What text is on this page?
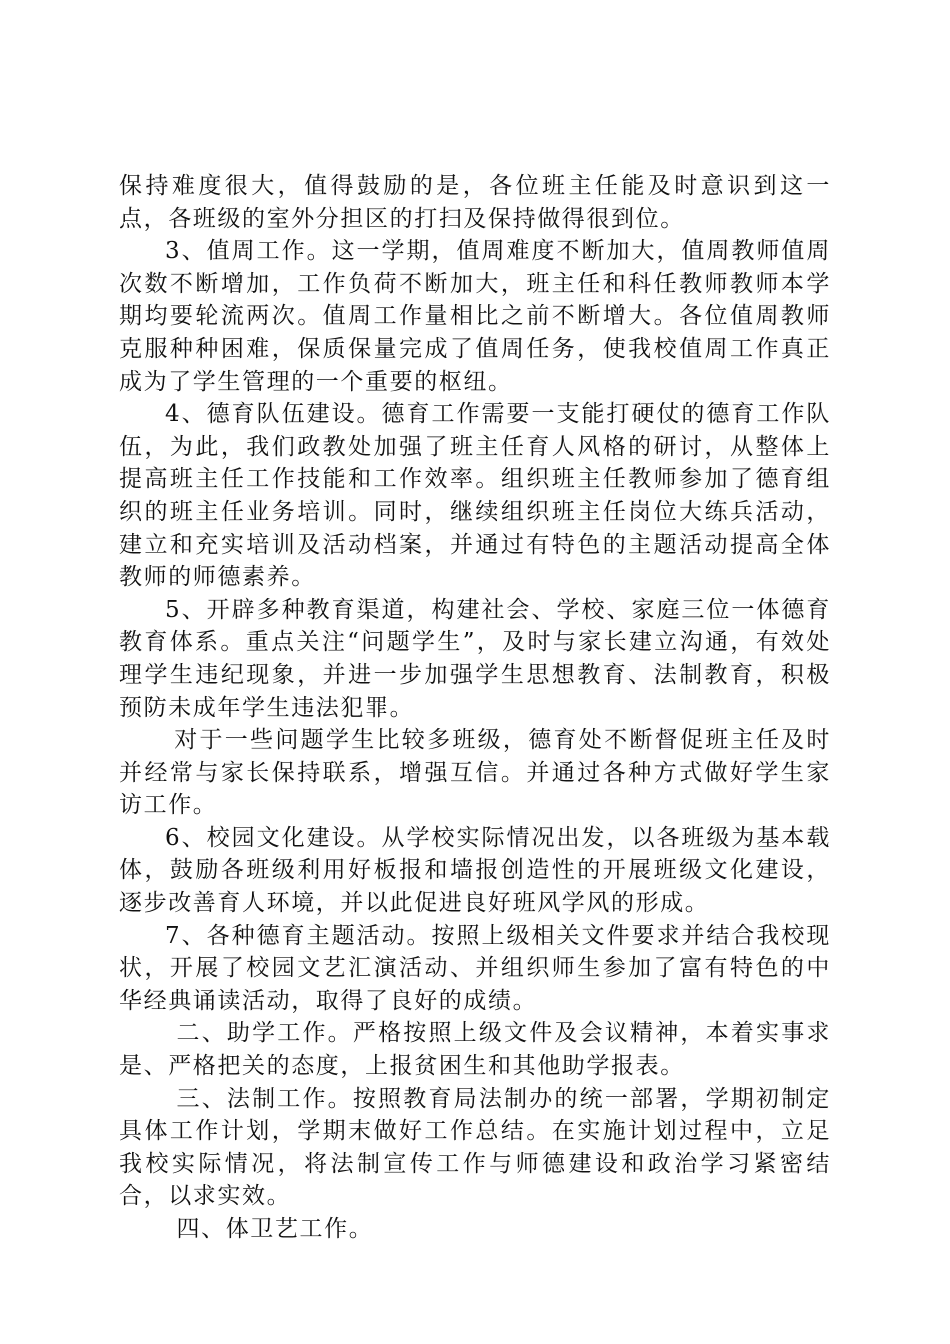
保持难度很大，值得鼓励的是，各位班主任能及时意识到这一点，各班级的室外分担区的打扫及保持做得很到位。

3、值周工作。这一学期，值周难度不断加大，值周教师值周次数不断增加，工作负荷不断加大，班主任和科任教师教师本学期均要轮流两次。值周工作量相比之前不断增大。各位值周教师克服种种困难，保质保量完成了值周任务，使我校值周工作真正成为了学生管理的一个重要的枢纽。

4、德育队伍建设。德育工作需要一支能打硬仗的德育工作队伍，为此，我们政教处加强了班主任育人风格的研讨，从整体上提高班主任工作技能和工作效率。组织班主任教师参加了德育组织的班主任业务培训。同时，继续组织班主任岗位大练兵活动，建立和充实培训及活动档案，并通过有特色的主题活动提高全体教师的师德素养。

5、开辟多种教育渠道，构建社会、学校、家庭三位一体德育教育体系。重点关注“问题学生”，及时与家长建立沟通，有效处理学生违纪现象，并进一步加强学生思想教育、法制教育，积极预防未成年学生违法犯罪。

对于一些问题学生比较多班级，德育处不断督促班主任及时并经常与家长保持联系，增强互信。并通过各种方式做好学生家访工作。

6、校园文化建设。从学校实际情况出发，以各班级为基本载体，鼓励各班级利用好板报和墙报创造性的开展班级文化建设，逐步改善育人环境，并以此促进良好班风学风的形成。

7、各种德育主题活动。按照上级相关文件要求并结合我校现状，开展了校园文艺汇演活动、并组织师生参加了富有特色的中华经典诵读活动，取得了良好的成绩。

二、助学工作。严格按照上级文件及会议精神，本着实事求是、严格把关的态度，上报贫困生和其他助学报表。

三、法制工作。按照教育局法制办的统一部署，学期初制定具体工作计划，学期末做好工作总结。在实施计划过程中，立足我校实际情况，将法制宣传工作与师德建设和政治学习紧密结合，以求实效。

四、体卫艺工作。
